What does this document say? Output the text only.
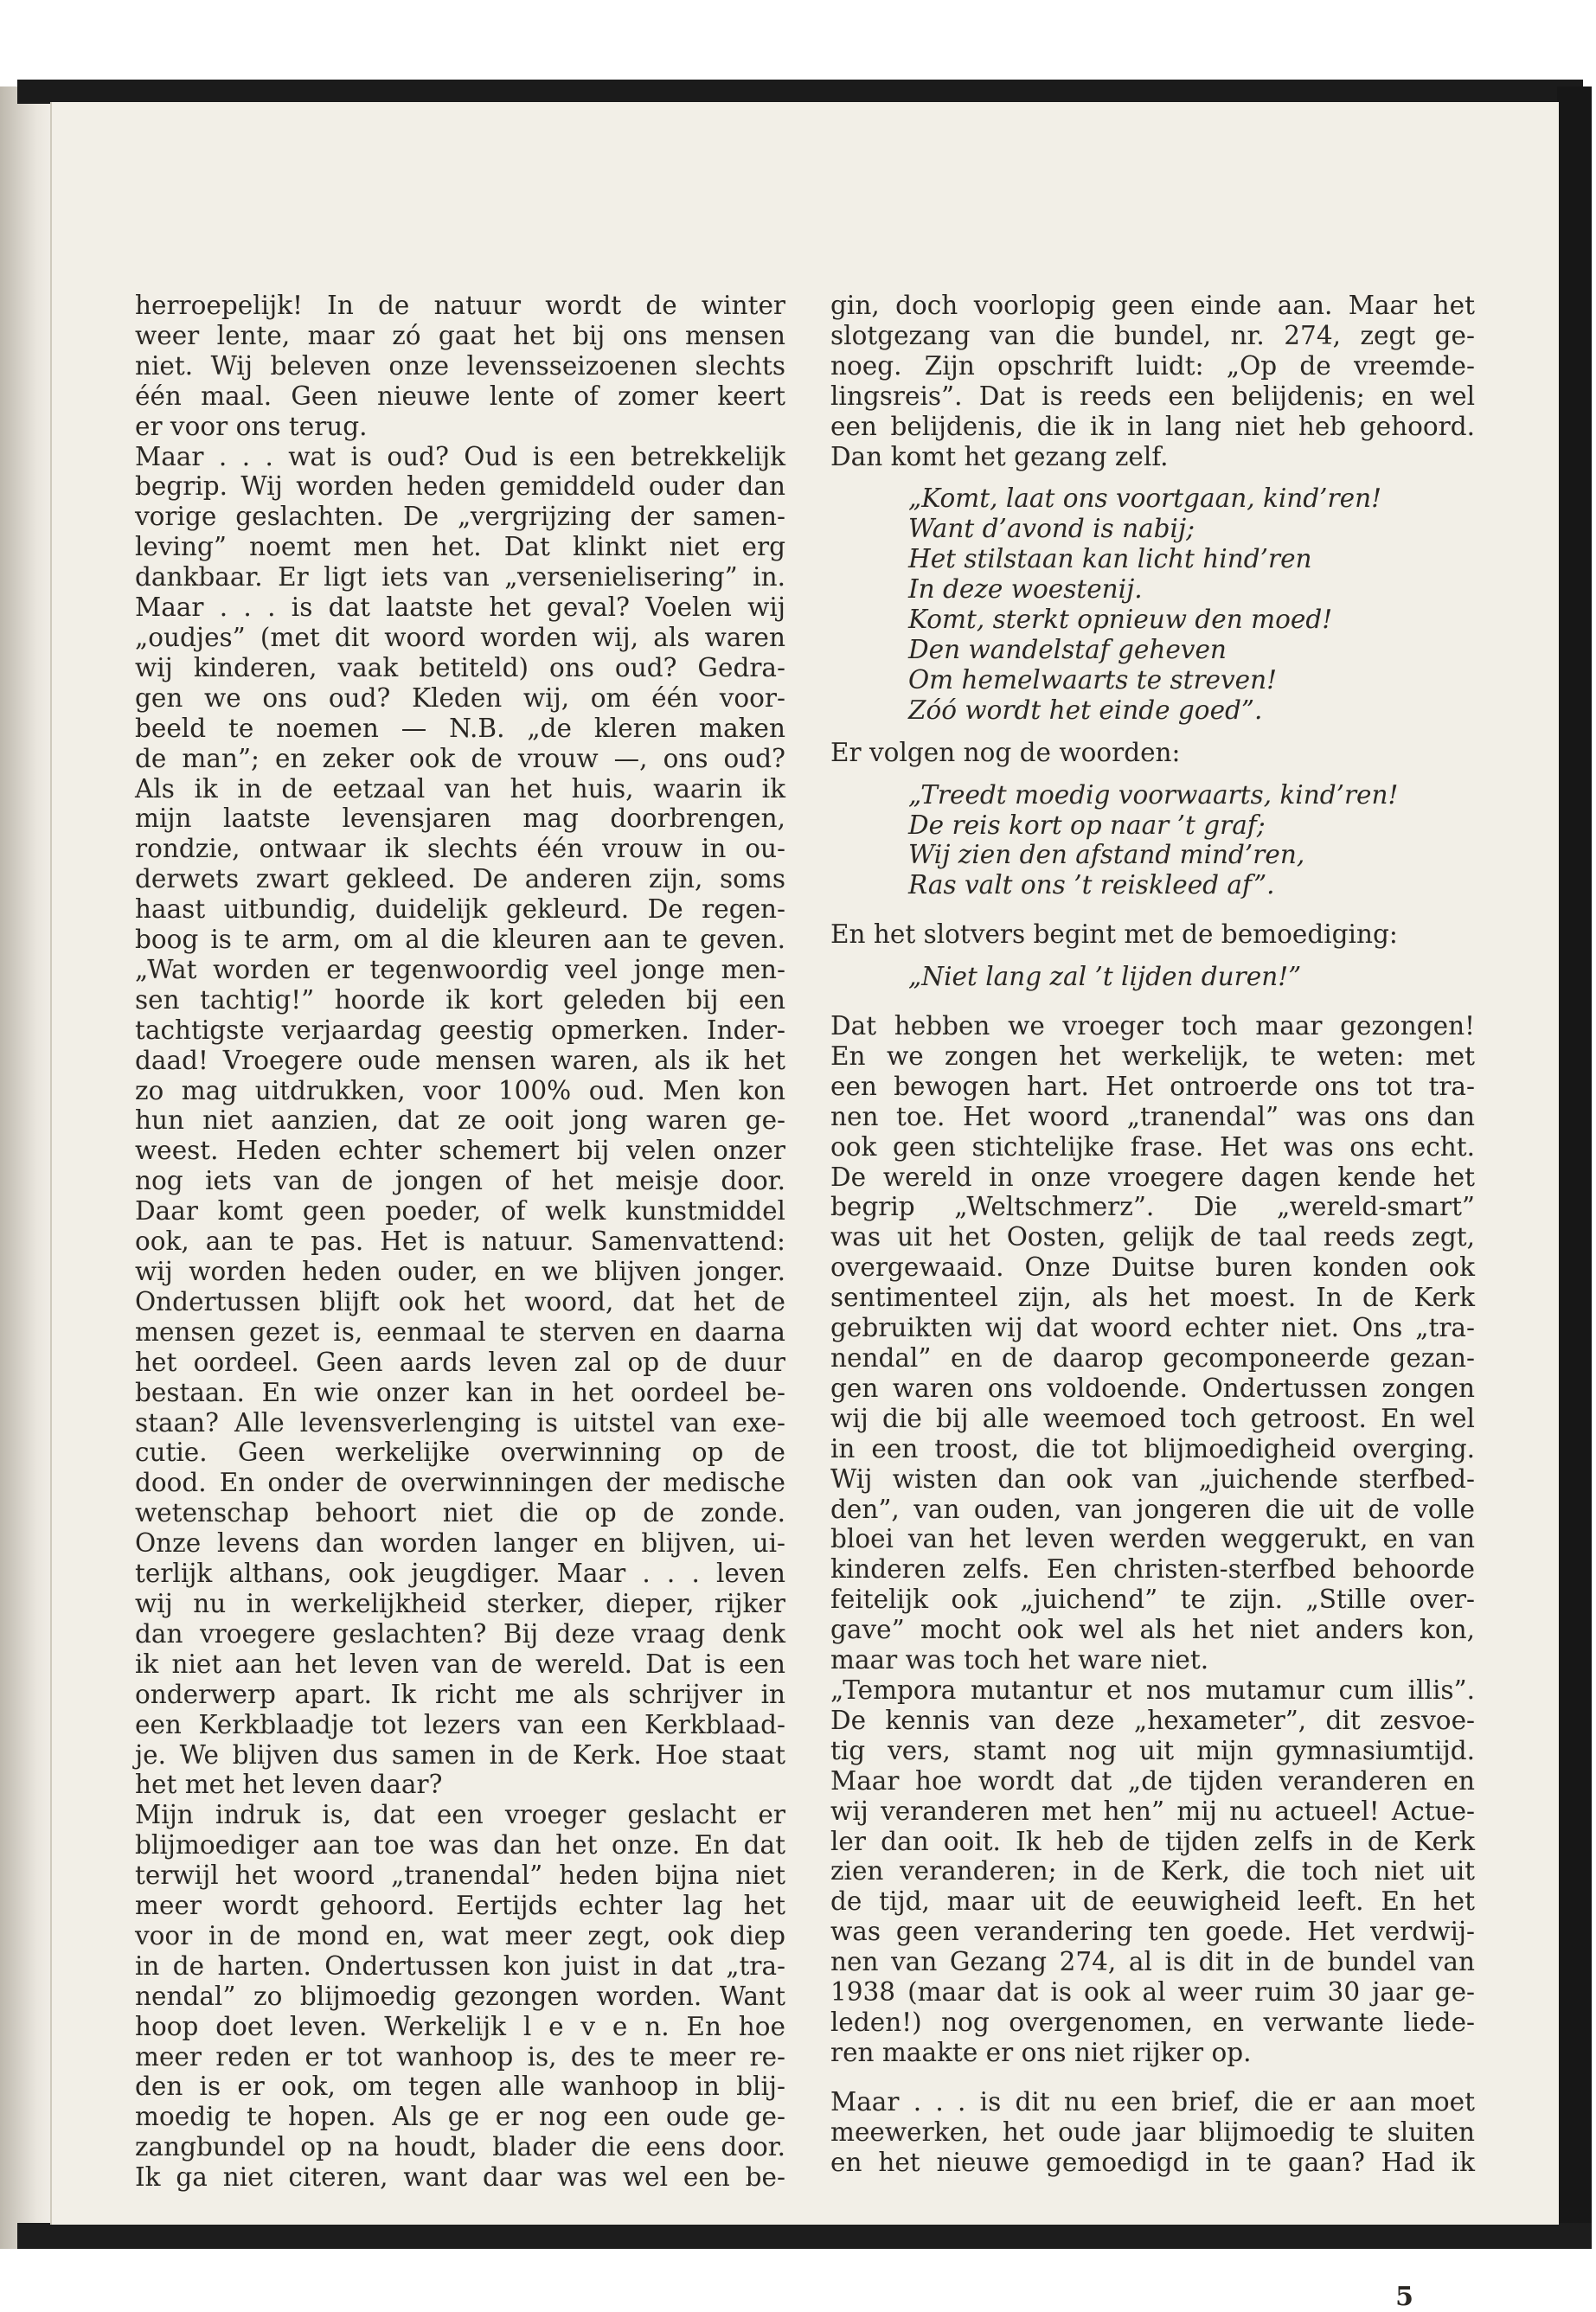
herroepelijk! In de natuur wordt de winter
weer lente, maar zó gaat het bij ons mensen
niet. Wij beleven onze levensseizoenen slechts
één maal. Geen nieuwe lente of zomer keert
er voor ons terug.
Maar . . . wat is oud? Oud is een betrekkelijk
begrip. Wij worden heden gemiddeld ouder dan
vorige geslachten. De „vergrijzing der samen-
leving” noemt men het. Dat klinkt niet erg
dankbaar. Er ligt iets van „versenielisering” in.
Maar . . . is dat laatste het geval? Voelen wij
„oudjes” (met dit woord worden wij, als waren
wij kinderen, vaak betiteld) ons oud? Gedra-
gen we ons oud? Kleden wij, om één voor-
beeld te noemen — N.B. „de kleren maken
de man”; en zeker ook de vrouw —, ons oud?
Als ik in de eetzaal van het huis, waarin ik
mijn laatste levensjaren mag doorbrengen,
rondzie, ontwaar ik slechts één vrouw in ou-
derwets zwart gekleed. De anderen zijn, soms
haast uitbundig, duidelijk gekleurd. De regen-
boog is te arm, om al die kleuren aan te geven.
„Wat worden er tegenwoordig veel jonge men-
sen tachtig!” hoorde ik kort geleden bij een
tachtigste verjaardag geestig opmerken. Inder-
daad! Vroegere oude mensen waren, als ik het
zo mag uitdrukken, voor 100% oud. Men kon
hun niet aanzien, dat ze ooit jong waren ge-
weest. Heden echter schemert bij velen onzer
nog iets van de jongen of het meisje door.
Daar komt geen poeder, of welk kunstmiddel
ook, aan te pas. Het is natuur. Samenvattend:
wij worden heden ouder, en we blijven jonger.
Ondertussen blijft ook het woord, dat het de
mensen gezet is, eenmaal te sterven en daarna
het oordeel. Geen aards leven zal op de duur
bestaan. En wie onzer kan in het oordeel be-
staan? Alle levensverlenging is uitstel van exe-
cutie. Geen werkelijke overwinning op de
dood. En onder de overwinningen der medische
wetenschap behoort niet die op de zonde.
Onze levens dan worden langer en blijven, ui-
terlijk althans, ook jeugdiger. Maar . . . leven
wij nu in werkelijkheid sterker, dieper, rijker
dan vroegere geslachten? Bij deze vraag denk
ik niet aan het leven van de wereld. Dat is een
onderwerp apart. Ik richt me als schrijver in
een Kerkblaadje tot lezers van een Kerkblaad-
je. We blijven dus samen in de Kerk. Hoe staat
het met het leven daar?
Mijn indruk is, dat een vroeger geslacht er
blijmoediger aan toe was dan het onze. En dat
terwijl het woord „tranendal” heden bijna niet
meer wordt gehoord. Eertijds echter lag het
voor in de mond en, wat meer zegt, ook diep
in de harten. Ondertussen kon juist in dat „tra-
nendal” zo blijmoedig gezongen worden. Want
hoop doet leven. Werkelijk l e v e n. En hoe
meer reden er tot wanhoop is, des te meer re-
den is er ook, om tegen alle wanhoop in blij-
moedig te hopen. Als ge er nog een oude ge-
zangbundel op na houdt, blader die eens door.
Ik ga niet citeren, want daar was wel een be-
gin, doch voorlopig geen einde aan. Maar het
slotgezang van die bundel, nr. 274, zegt ge-
noeg. Zijn opschrift luidt: „Op de vreemde-
lingsreis”. Dat is reeds een belijdenis; en wel
een belijdenis, die ik in lang niet heb gehoord.
Dan komt het gezang zelf.
„Komt, laat ons voortgaan, kind’ren!
Want d’avond is nabij;
Het stilstaan kan licht hind’ren
In deze woestenij.
Komt, sterkt opnieuw den moed!
Den wandelstaf geheven
Om hemelwaarts te streven!
Zóó wordt het einde goed”.
Er volgen nog de woorden:
„Treedt moedig voorwaarts, kind’ren!
De reis kort op naar ’t graf;
Wij zien den afstand mind’ren,
Ras valt ons ’t reiskleed af”.
En het slotvers begint met de bemoediging:
„Niet lang zal ’t lijden duren!”
Dat hebben we vroeger toch maar gezongen!
En we zongen het werkelijk, te weten: met
een bewogen hart. Het ontroerde ons tot tra-
nen toe. Het woord „tranendal” was ons dan
ook geen stichtelijke frase. Het was ons echt.
De wereld in onze vroegere dagen kende het
begrip „Weltschmerz”. Die „wereld-smart”
was uit het Oosten, gelijk de taal reeds zegt,
overgewaaid. Onze Duitse buren konden ook
sentimenteel zijn, als het moest. In de Kerk
gebruikten wij dat woord echter niet. Ons „tra-
nendal” en de daarop gecomponeerde gezan-
gen waren ons voldoende. Ondertussen zongen
wij die bij alle weemoed toch getroost. En wel
in een troost, die tot blijmoedigheid overging.
Wij wisten dan ook van „juichende sterfbed-
den”, van ouden, van jongeren die uit de volle
bloei van het leven werden weggerukt, en van
kinderen zelfs. Een christen-sterfbed behoorde
feitelijk ook „juichend” te zijn. „Stille over-
gave” mocht ook wel als het niet anders kon,
maar was toch het ware niet.
„Tempora mutantur et nos mutamur cum illis”.
De kennis van deze „hexameter”, dit zesvoe-
tig vers, stamt nog uit mijn gymnasiumtijd.
Maar hoe wordt dat „de tijden veranderen en
wij veranderen met hen” mij nu actueel! Actue-
ler dan ooit. Ik heb de tijden zelfs in de Kerk
zien veranderen; in de Kerk, die toch niet uit
de tijd, maar uit de eeuwigheid leeft. En het
was geen verandering ten goede. Het verdwij-
nen van Gezang 274, al is dit in de bundel van
1938 (maar dat is ook al weer ruim 30 jaar ge-
leden!) nog overgenomen, en verwante liede-
ren maakte er ons niet rijker op.
Maar . . . is dit nu een brief, die er aan moet
meewerken, het oude jaar blijmoedig te sluiten
en het nieuwe gemoedigd in te gaan? Had ik
5
